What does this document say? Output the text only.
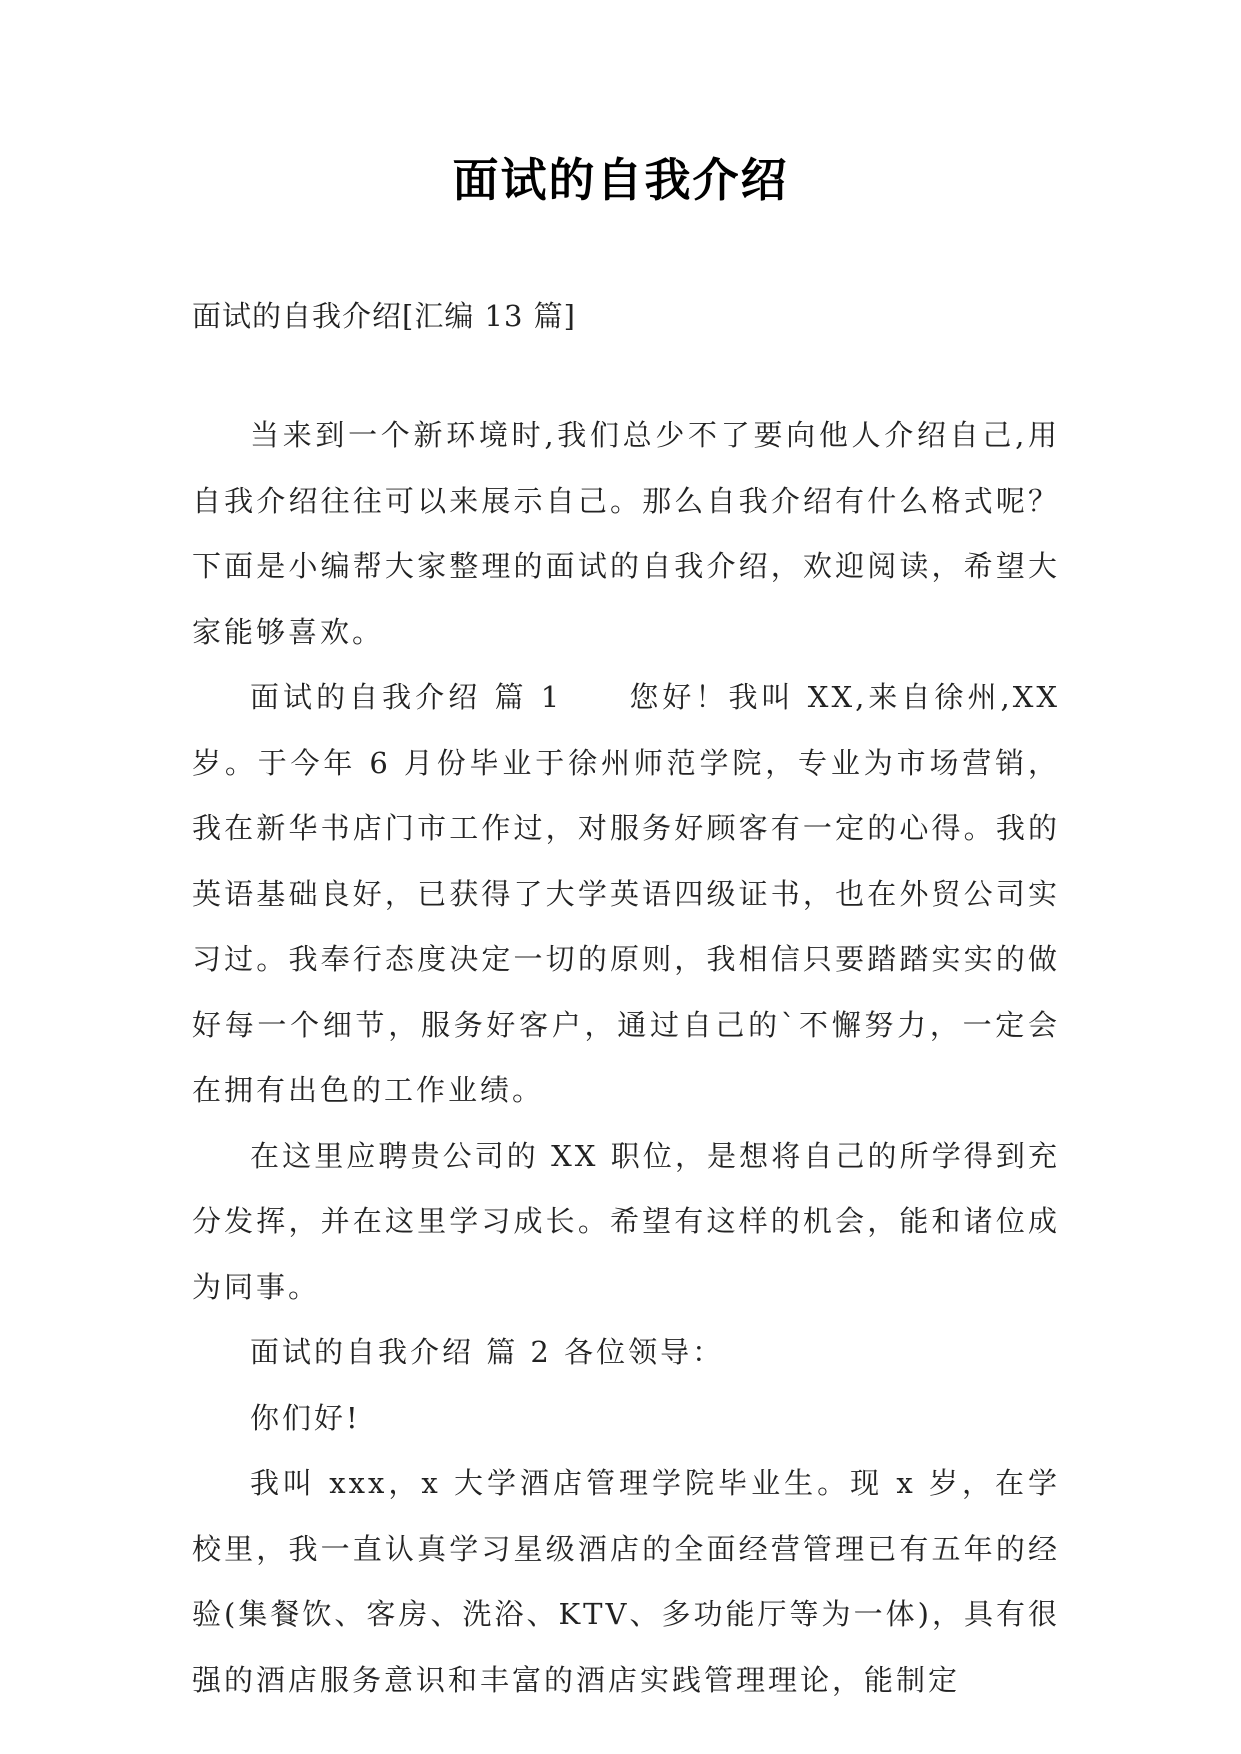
面试的自我介绍
面试的自我介绍[汇编 13 篇]

当来到一个新环境时,我们总少不了要向他人介绍自己,用自我介绍往往可以来展示自己。那么自我介绍有什么格式呢？下面是小编帮大家整理的面试的自我介绍，欢迎阅读，希望大家能够喜欢。

面试的自我介绍 篇 1　　您好！我叫 XX,来自徐州,XX 岁。于今年 6 月份毕业于徐州师范学院，专业为市场营销，我在新华书店门市工作过，对服务好顾客有一定的心得。我的英语基础良好，已获得了大学英语四级证书，也在外贸公司实习过。我奉行态度决定一切的原则，我相信只要踏踏实实的做好每一个细节，服务好客户，通过自己的`不懈努力，一定会在拥有出色的工作业绩。

在这里应聘贵公司的 XX 职位，是想将自己的所学得到充分发挥，并在这里学习成长。希望有这样的机会，能和诸位成为同事。

面试的自我介绍 篇 2 各位领导：

你们好!

我叫 xxx，x 大学酒店管理学院毕业生。现 x 岁，在学校里，我一直认真学习星级酒店的全面经营管理已有五年的经验(集餐饮、客房、洗浴、KTV、多功能厅等为一体)，具有很强的酒店服务意识和丰富的酒店实践管理理论，能制定
